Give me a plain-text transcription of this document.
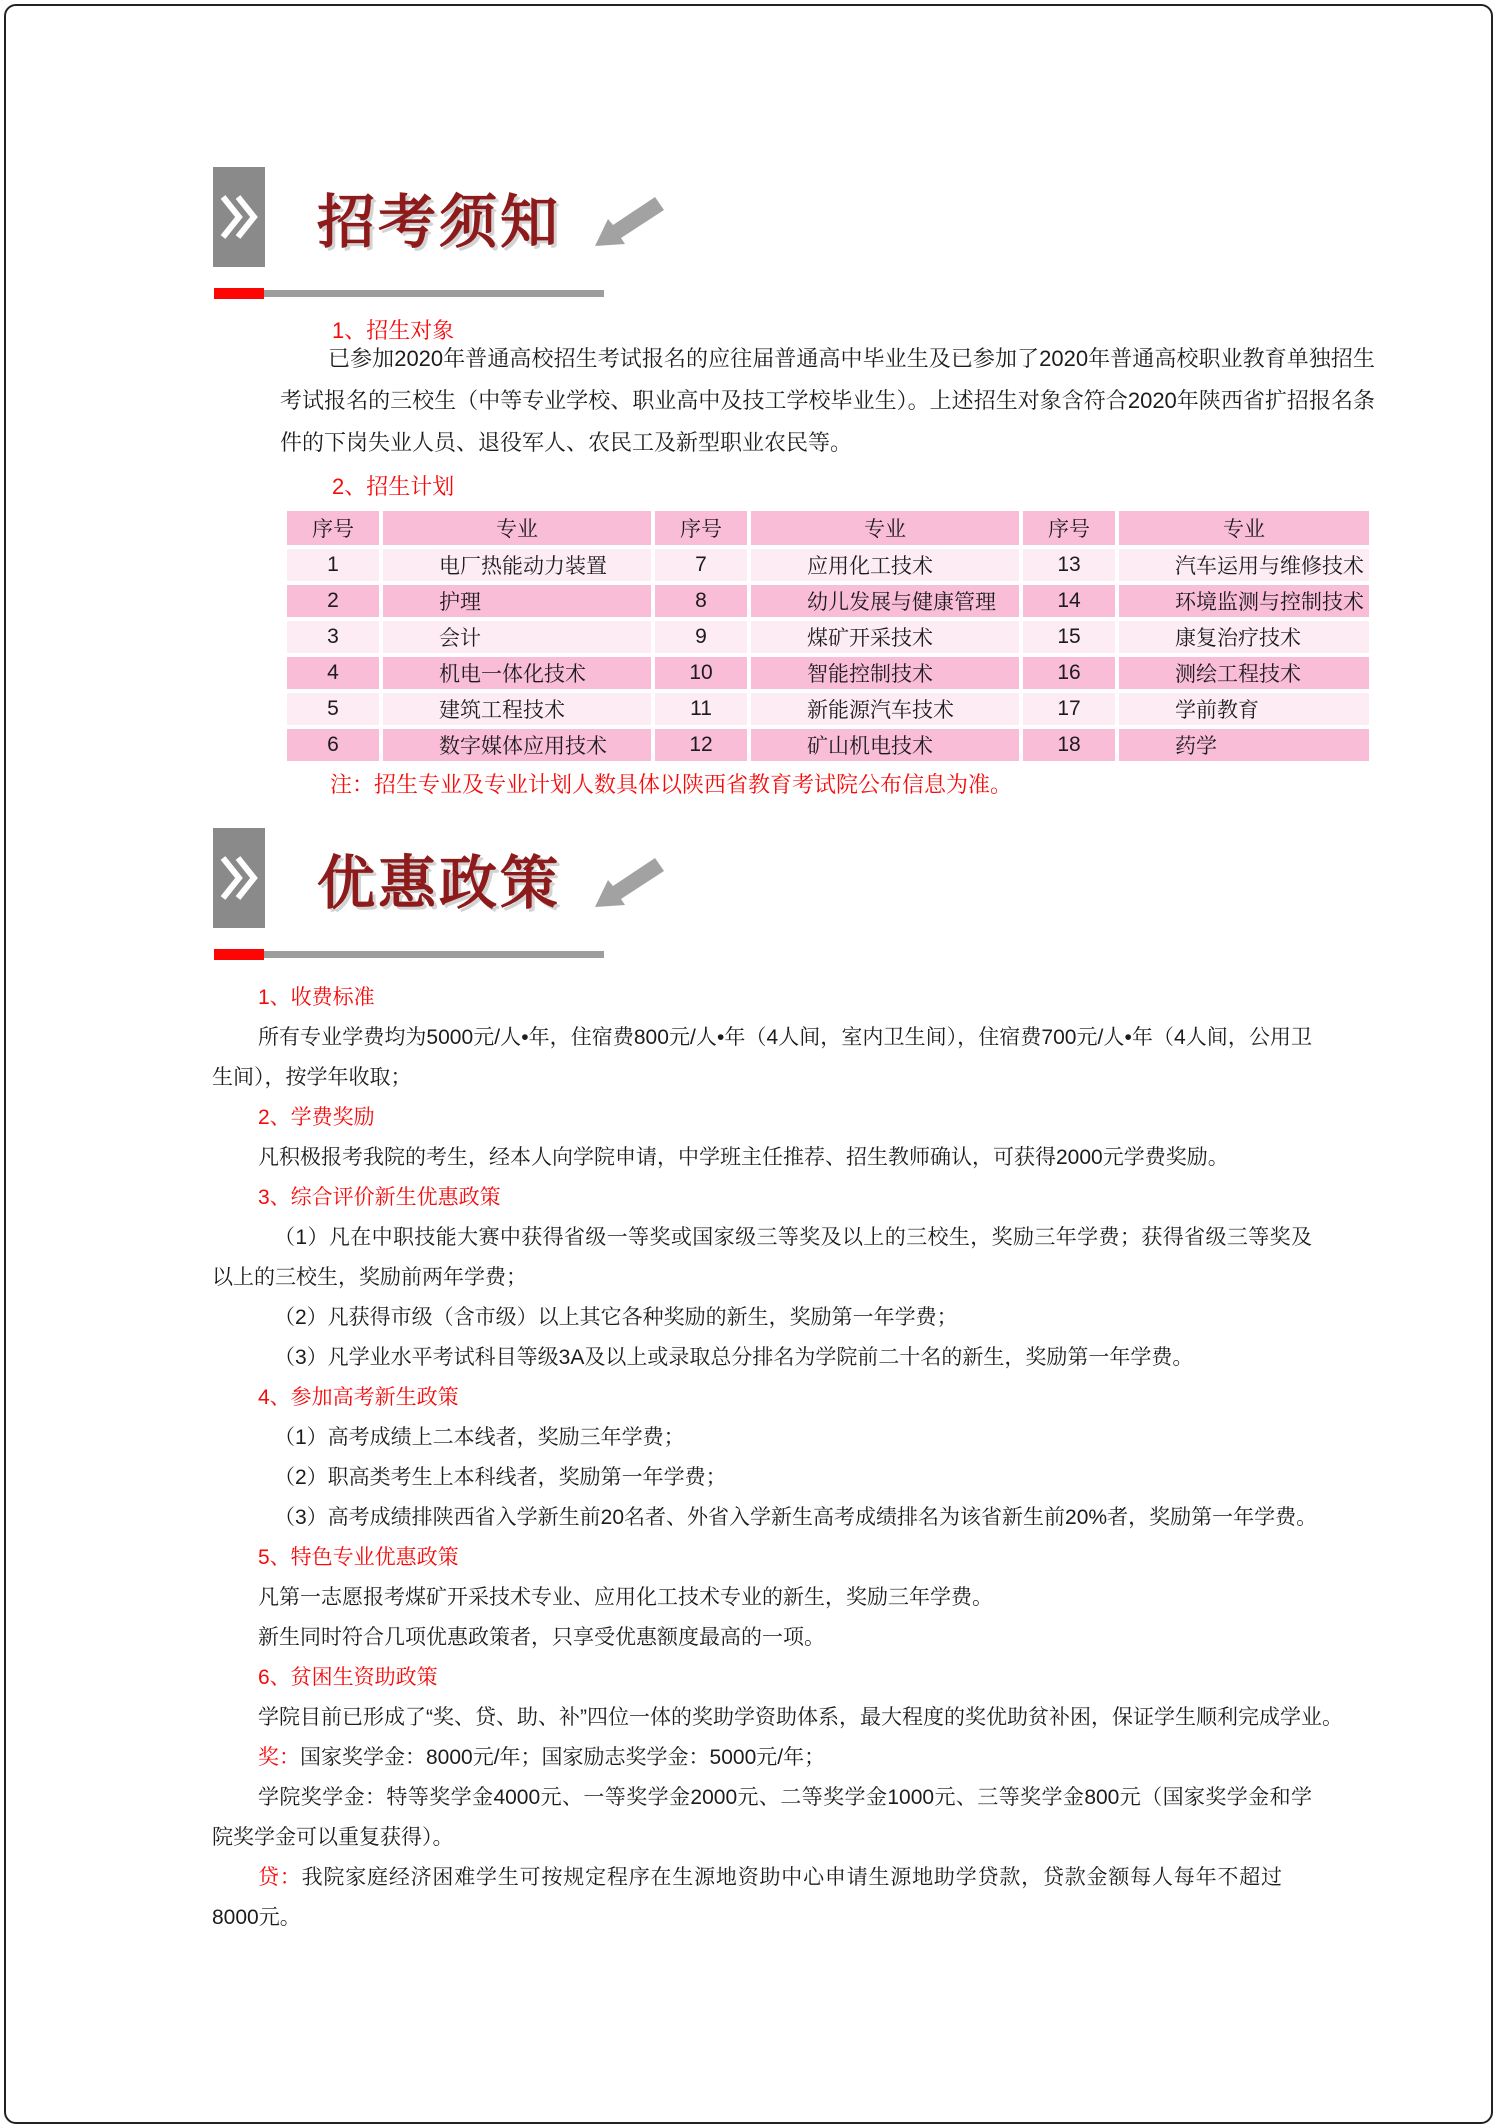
招考须知
1、招生对象
已参加2020年普通高校招生考试报名的应往届普通高中毕业生及已参加了2020年普通高校职业教育单独招生考试报名的三校生（中等专业学校、职业高中及技工学校毕业生）。上述招生对象含符合2020年陕西省扩招报名条件的下岗失业人员、退役军人、农民工及新型职业农民等。
2、招生计划
序号	专业	序号	专业	序号	专业
1	电厂热能动力装置	7	应用化工技术	13	汽车运用与维修技术
2	护理	8	幼儿发展与健康管理	14	环境监测与控制技术
3	会计	9	煤矿开采技术	15	康复治疗技术
4	机电一体化技术	10	智能控制技术	16	测绘工程技术
5	建筑工程技术	11	新能源汽车技术	17	学前教育
6	数字媒体应用技术	12	矿山机电技术	18	药学
注：招生专业及专业计划人数具体以陕西省教育考试院公布信息为准。
优惠政策

1、收费标准

所有专业学费均为5000元/人•年，住宿费800元/人•年（4人间，室内卫生间），住宿费700元/人•年（4人间，公用卫生间），按学年收取；

2、学费奖励

凡积极报考我院的考生，经本人向学院申请，中学班主任推荐、招生教师确认，可获得2000元学费奖励。

3、综合评价新生优惠政策

（1）凡在中职技能大赛中获得省级一等奖或国家级三等奖及以上的三校生，奖励三年学费；获得省级三等奖及以上的三校生，奖励前两年学费；

（2）凡获得市级（含市级）以上其它各种奖励的新生，奖励第一年学费；

（3）凡学业水平考试科目等级3A及以上或录取总分排名为学院前二十名的新生，奖励第一年学费。

4、参加高考新生政策

（1）高考成绩上二本线者，奖励三年学费；

（2）职高类考生上本科线者，奖励第一年学费；

（3）高考成绩排陕西省入学新生前20名者、外省入学新生高考成绩排名为该省新生前20%者，奖励第一年学费。

5、特色专业优惠政策

凡第一志愿报考煤矿开采技术专业、应用化工技术专业的新生，奖励三年学费。

新生同时符合几项优惠政策者，只享受优惠额度最高的一项。

6、贫困生资助政策

学院目前已形成了“奖、贷、助、补”四位一体的奖助学资助体系，最大程度的奖优助贫补困，保证学生顺利完成学业。

奖：国家奖学金：8000元/年；国家励志奖学金：5000元/年；

学院奖学金：特等奖学金4000元、一等奖学金2000元、二等奖学金1000元、三等奖学金800元（国家奖学金和学院奖学金可以重复获得）。

贷：我院家庭经济困难学生可按规定程序在生源地资助中心申请生源地助学贷款，贷款金额每人每年不超过8000元。
